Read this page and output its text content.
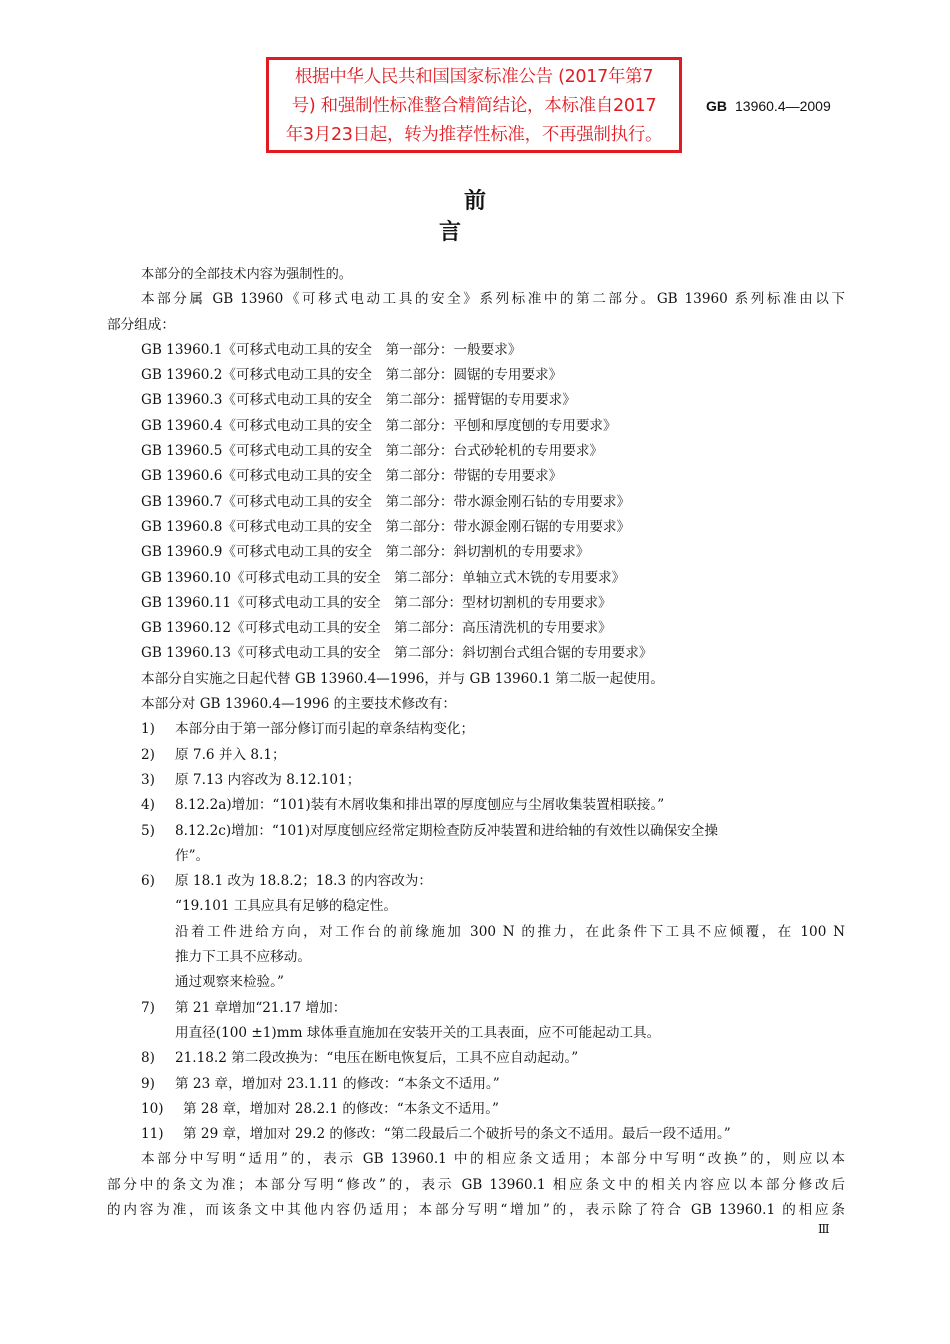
根据中华人民共和国国家标准公告 (2017年第7
号) 和强制性标准整合精简结论，本标准自2017
年3月23日起，转为推荐性标准，不再强制执行。
GB 13960.4—2009
前言
本部分的全部技术内容为强制性的。
本部分属 GB 13960《可移式电动工具的安全》系列标准中的第二部分。GB 13960 系列标准由以下
部分组成：
GB 13960.1《可移式电动工具的安全　第一部分：一般要求》
GB 13960.2《可移式电动工具的安全　第二部分：圆锯的专用要求》
GB 13960.3《可移式电动工具的安全　第二部分：摇臂锯的专用要求》
GB 13960.4《可移式电动工具的安全　第二部分：平刨和厚度刨的专用要求》
GB 13960.5《可移式电动工具的安全　第二部分：台式砂轮机的专用要求》
GB 13960.6《可移式电动工具的安全　第二部分：带锯的专用要求》
GB 13960.7《可移式电动工具的安全　第二部分：带水源金刚石钻的专用要求》
GB 13960.8《可移式电动工具的安全　第二部分：带水源金刚石锯的专用要求》
GB 13960.9《可移式电动工具的安全　第二部分：斜切割机的专用要求》
GB 13960.10《可移式电动工具的安全　第二部分：单轴立式木铣的专用要求》
GB 13960.11《可移式电动工具的安全　第二部分：型材切割机的专用要求》
GB 13960.12《可移式电动工具的安全　第二部分：高压清洗机的专用要求》
GB 13960.13《可移式电动工具的安全　第二部分：斜切割台式组合锯的专用要求》
本部分自实施之日起代替 GB 13960.4—1996，并与 GB 13960.1 第二版一起使用。
本部分对 GB 13960.4—1996 的主要技术修改有：
1) 本部分由于第一部分修订而引起的章条结构变化；
2) 原 7.6 并入 8.1；
3) 原 7.13 内容改为 8.12.101；
4) 8.12.2a)增加：“101)装有木屑收集和排出罩的厚度刨应与尘屑收集装置相联接。”
5) 8.12.2c)增加：“101)对厚度刨应经常定期检查防反冲装置和进给轴的有效性以确保安全操
作”。
6) 原 18.1 改为 18.8.2；18.3 的内容改为：
“19.101 工具应具有足够的稳定性。
沿着工件进给方向，对工作台的前缘施加 300 N 的推力，在此条件下工具不应倾覆，在 100 N
推力下工具不应移动。
通过观察来检验。”
7) 第 21 章增加“21.17 增加：
用直径(100 ±1)mm 球体垂直施加在安装开关的工具表面，应不可能起动工具。
8) 21.18.2 第二段改换为：“电压在断电恢复后，工具不应自动起动。”
9) 第 23 章，增加对 23.1.11 的修改：“本条文不适用。”
10) 第 28 章，增加对 28.2.1 的修改：“本条文不适用。”
11) 第 29 章，增加对 29.2 的修改：“第二段最后二个破折号的条文不适用。最后一段不适用。”
本部分中写明“适用”的，表示 GB 13960.1 中的相应条文适用；本部分中写明“改换”的，则应以本
部分中的条文为准；本部分写明“修改”的，表示 GB 13960.1 相应条文中的相关内容应以本部分修改后
的内容为准，而该条文中其他内容仍适用；本部分写明“增加”的，表示除了符合 GB 13960.1 的相应条
Ⅲ
